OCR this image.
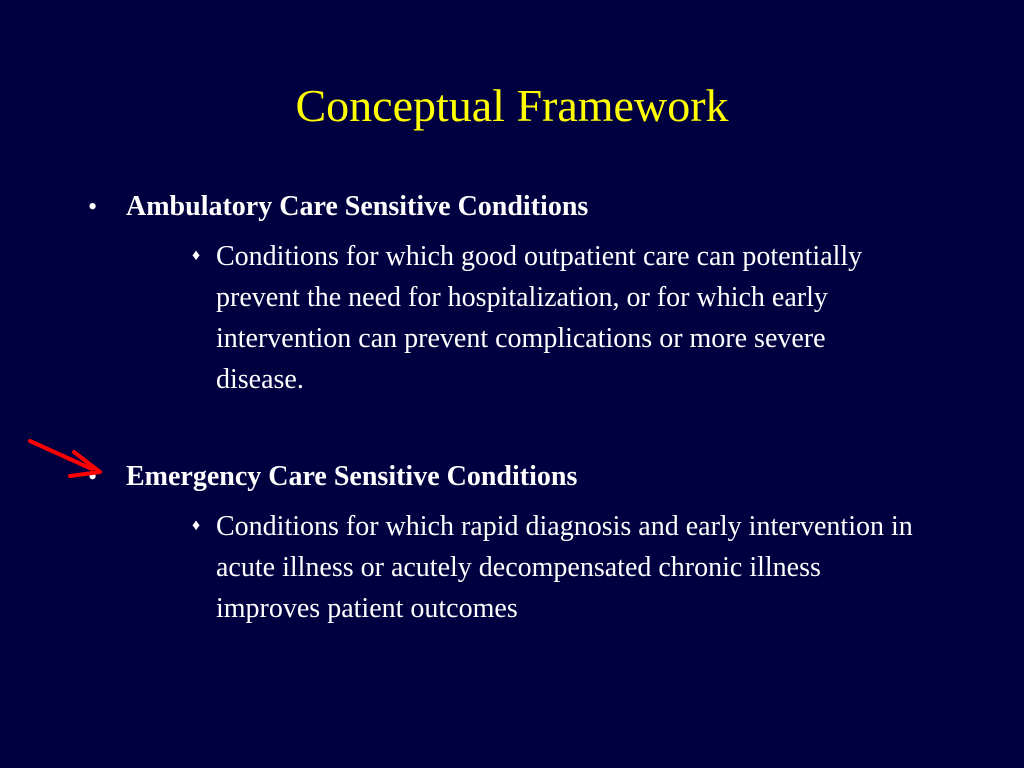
Conceptual Framework
• Ambulatory Care Sensitive Conditions
♦ Conditions for which good outpatient care can potentially prevent the need for hospitalization, or for which early intervention can prevent complications or more severe disease.
• Emergency Care Sensitive Conditions
♦ Conditions for which rapid diagnosis and early intervention in acute illness or acutely decompensated chronic illness improves patient outcomes
